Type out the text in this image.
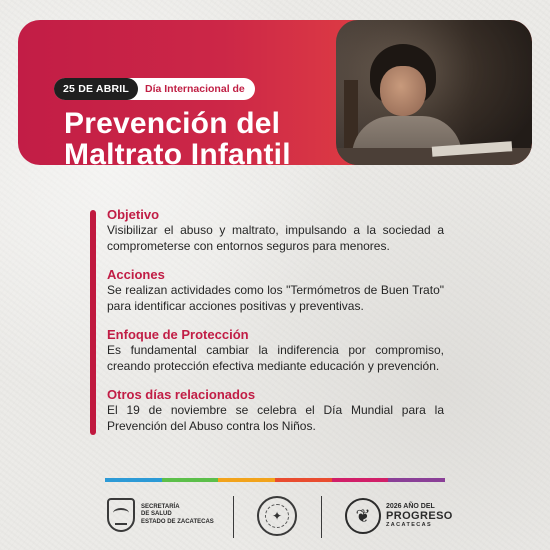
25 DE ABRIL	Día Internacional de
Prevención del
Maltrato Infantil
Objetivo

Visibilizar el abuso y maltrato, impulsando a la sociedad a comprometerse con entornos seguros para menores.

Acciones

Se realizan actividades como los "Termómetros de Buen Trato" para identificar acciones positivas y preventivas.

Enfoque de Protección

Es fundamental cambiar la indiferencia por compromiso, creando protección efectiva mediante educación y prevención.

Otros días relacionados

El 19 de noviembre se celebra el Día Mundial para la Prevención del Abuso contra los Niños.

SECRETARÍA
DE SALUD
ESTADO DE ZACATECAS	✦	❦	2026 AÑO DEL
PROGRESO
ZACATECAS
